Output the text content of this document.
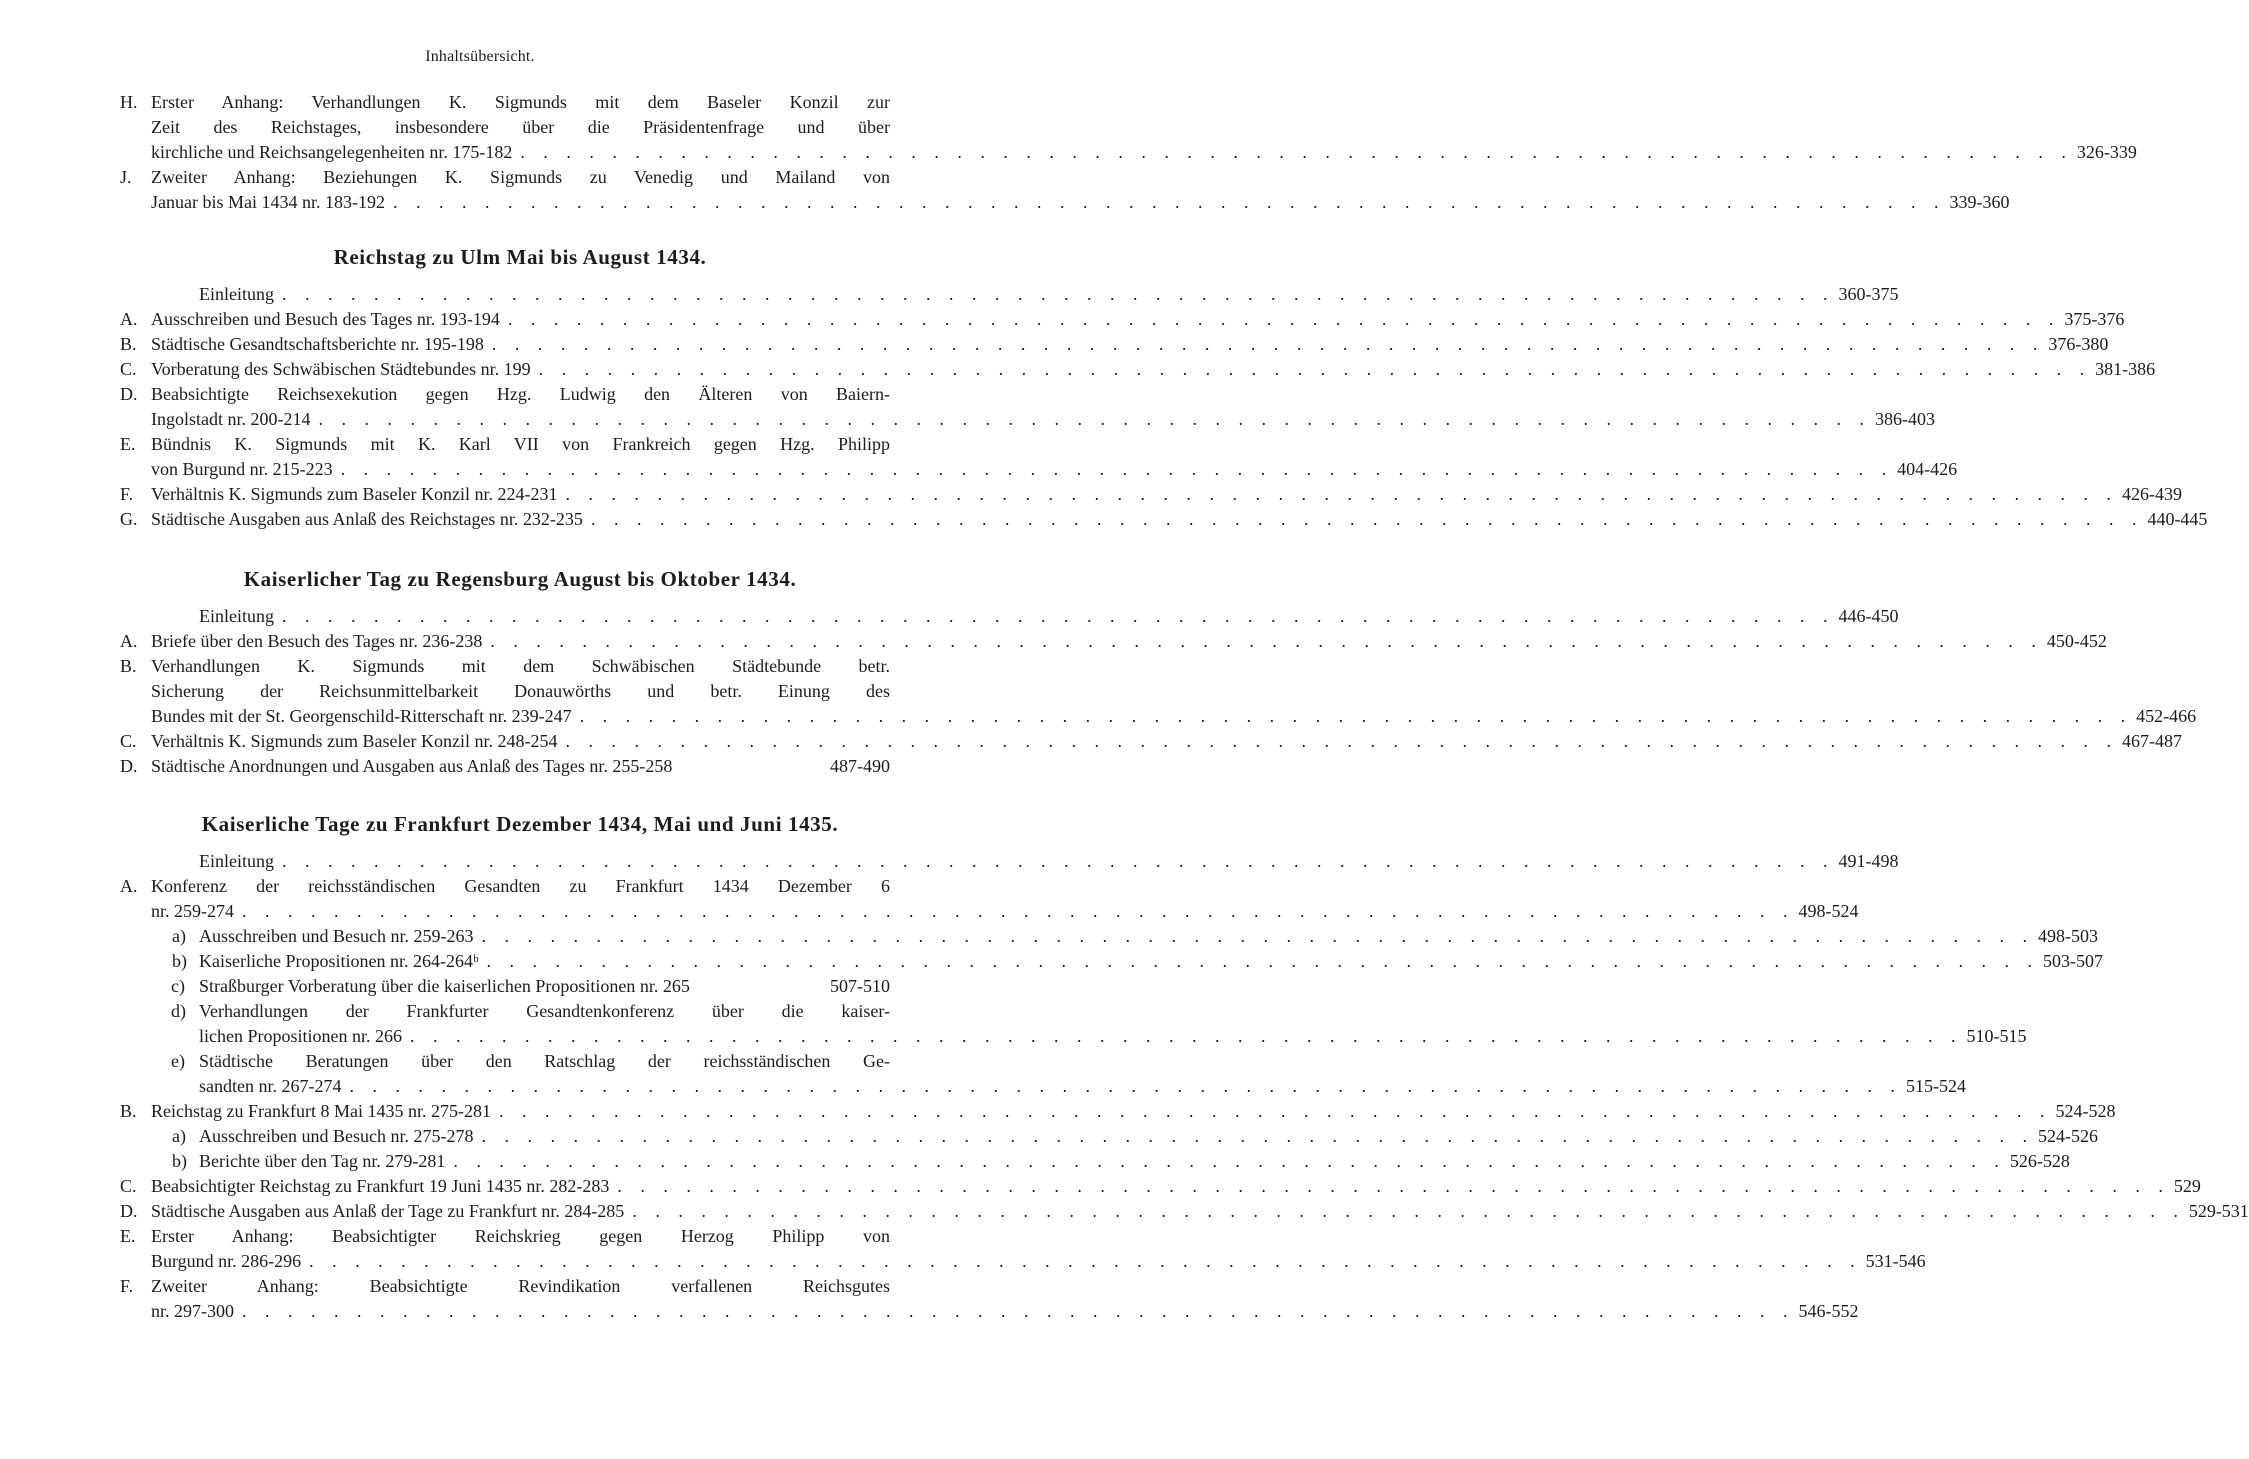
Inhaltsübersicht.
H. Erster Anhang: Verhandlungen K. Sigmunds mit dem Baseler Konzil zur
Zeit des Reichstages, insbesondere über die Präsidentenfrage und über
kirchliche und Reichsangelegenheiten nr. 175-182 . . . . . . . . . . . . . . . . . . . . . . . . . . . . . . . . . . . . . . . . . . . . . . . . . . . . . . . . . . . . . . . . . . . . 326-339
J. Zweiter Anhang: Beziehungen K. Sigmunds zu Venedig und Mailand von
Januar bis Mai 1434 nr. 183-192 . . . . . . . . . . . . . . . . . . . . . . . . . . . . . . . . . . . . . . . . . . . . . . . . . . . . . . . . . . . . . . . . . . . . 339-360
Reichstag zu Ulm Mai bis August 1434.
Einleitung . . . . . . . . . . . . . . . . . . . . . . . . . . . . . . . . . . . . . . . . . . . . . . . . . . . . . . . . . . . . . . . . . . . . 360-375
A. Ausschreiben und Besuch des Tages nr. 193-194 . . . . . . . . . . . . . . . . . . . . . . . . . . . . . . . . . . . . . . . . . . . . . . . . . . . . . . . . . . . . . . . . . . . . 375-376
B. Städtische Gesandtschaftsberichte nr. 195-198 . . . . . . . . . . . . . . . . . . . . . . . . . . . . . . . . . . . . . . . . . . . . . . . . . . . . . . . . . . . . . . . . . . . . 376-380
C. Vorberatung des Schwäbischen Städtebundes nr. 199 . . . . . . . . . . . . . . . . . . . . . . . . . . . . . . . . . . . . . . . . . . . . . . . . . . . . . . . . . . . . . . . . . . . . 381-386
D. Beabsichtigte Reichsexekution gegen Hzg. Ludwig den Älteren von Baiern-
Ingolstadt nr. 200-214 . . . . . . . . . . . . . . . . . . . . . . . . . . . . . . . . . . . . . . . . . . . . . . . . . . . . . . . . . . . . . . . . . . . . 386-403
E. Bündnis K. Sigmunds mit K. Karl VII von Frankreich gegen Hzg. Philipp
von Burgund nr. 215-223 . . . . . . . . . . . . . . . . . . . . . . . . . . . . . . . . . . . . . . . . . . . . . . . . . . . . . . . . . . . . . . . . . . . . 404-426
F. Verhältnis K. Sigmunds zum Baseler Konzil nr. 224-231 . . . . . . . . . . . . . . . . . . . . . . . . . . . . . . . . . . . . . . . . . . . . . . . . . . . . . . . . . . . . . . . . . . . . 426-439
G. Städtische Ausgaben aus Anlaß des Reichstages nr. 232-235 . . . . . . . . . . . . . . . . . . . . . . . . . . . . . . . . . . . . . . . . . . . . . . . . . . . . . . . . . . . . . . . . . . . . 440-445
Kaiserlicher Tag zu Regensburg August bis Oktober 1434.
Einleitung . . . . . . . . . . . . . . . . . . . . . . . . . . . . . . . . . . . . . . . . . . . . . . . . . . . . . . . . . . . . . . . . . . . . 446-450
A. Briefe über den Besuch des Tages nr. 236-238 . . . . . . . . . . . . . . . . . . . . . . . . . . . . . . . . . . . . . . . . . . . . . . . . . . . . . . . . . . . . . . . . . . . . 450-452
B. Verhandlungen K. Sigmunds mit dem Schwäbischen Städtebunde betr.
Sicherung der Reichsunmittelbarkeit Donauwörths und betr. Einung des
Bundes mit der St. Georgenschild-Ritterschaft nr. 239-247 . . . . . . . . . . . . . . . . . . . . . . . . . . . . . . . . . . . . . . . . . . . . . . . . . . . . . . . . . . . . . . . . . . . . 452-466
C. Verhältnis K. Sigmunds zum Baseler Konzil nr. 248-254 . . . . . . . . . . . . . . . . . . . . . . . . . . . . . . . . . . . . . . . . . . . . . . . . . . . . . . . . . . . . . . . . . . . . 467-487
D. Städtische Anordnungen und Ausgaben aus Anlaß des Tages nr. 255-258	487-490
Kaiserliche Tage zu Frankfurt Dezember 1434, Mai und Juni 1435.
Einleitung . . . . . . . . . . . . . . . . . . . . . . . . . . . . . . . . . . . . . . . . . . . . . . . . . . . . . . . . . . . . . . . . . . . . 491-498
A. Konferenz der reichsständischen Gesandten zu Frankfurt 1434 Dezember 6
nr. 259-274 . . . . . . . . . . . . . . . . . . . . . . . . . . . . . . . . . . . . . . . . . . . . . . . . . . . . . . . . . . . . . . . . . . . . 498-524
a) Ausschreiben und Besuch nr. 259-263 . . . . . . . . . . . . . . . . . . . . . . . . . . . . . . . . . . . . . . . . . . . . . . . . . . . . . . . . . . . . . . . . . . . . 498-503
b) Kaiserliche Propositionen nr. 264-264ᵇ . . . . . . . . . . . . . . . . . . . . . . . . . . . . . . . . . . . . . . . . . . . . . . . . . . . . . . . . . . . . . . . . . . . . 503-507
c) Straßburger Vorberatung über die kaiserlichen Propositionen nr. 265	507-510
d) Verhandlungen der Frankfurter Gesandtenkonferenz über die kaiser-
lichen Propositionen nr. 266 . . . . . . . . . . . . . . . . . . . . . . . . . . . . . . . . . . . . . . . . . . . . . . . . . . . . . . . . . . . . . . . . . . . . 510-515
e) Städtische Beratungen über den Ratschlag der reichsständischen Ge-
sandten nr. 267-274 . . . . . . . . . . . . . . . . . . . . . . . . . . . . . . . . . . . . . . . . . . . . . . . . . . . . . . . . . . . . . . . . . . . . 515-524
B. Reichstag zu Frankfurt 8 Mai 1435 nr. 275-281 . . . . . . . . . . . . . . . . . . . . . . . . . . . . . . . . . . . . . . . . . . . . . . . . . . . . . . . . . . . . . . . . . . . . 524-528
a) Ausschreiben und Besuch nr. 275-278 . . . . . . . . . . . . . . . . . . . . . . . . . . . . . . . . . . . . . . . . . . . . . . . . . . . . . . . . . . . . . . . . . . . . 524-526
b) Berichte über den Tag nr. 279-281 . . . . . . . . . . . . . . . . . . . . . . . . . . . . . . . . . . . . . . . . . . . . . . . . . . . . . . . . . . . . . . . . . . . . 526-528
C. Beabsichtigter Reichstag zu Frankfurt 19 Juni 1435 nr. 282-283 . . . . . . . . . . . . . . . . . . . . . . . . . . . . . . . . . . . . . . . . . . . . . . . . . . . . . . . . . . . . . . . . . . . . 529
D. Städtische Ausgaben aus Anlaß der Tage zu Frankfurt nr. 284-285 . . . . . . . . . . . . . . . . . . . . . . . . . . . . . . . . . . . . . . . . . . . . . . . . . . . . . . . . . . . . . . . . . . . . 529-531
E. Erster Anhang: Beabsichtigter Reichskrieg gegen Herzog Philipp von
Burgund nr. 286-296 . . . . . . . . . . . . . . . . . . . . . . . . . . . . . . . . . . . . . . . . . . . . . . . . . . . . . . . . . . . . . . . . . . . . 531-546
F. Zweiter Anhang: Beabsichtigte Revindikation verfallenen Reichsgutes
nr. 297-300 . . . . . . . . . . . . . . . . . . . . . . . . . . . . . . . . . . . . . . . . . . . . . . . . . . . . . . . . . . . . . . . . . . . . 546-552
